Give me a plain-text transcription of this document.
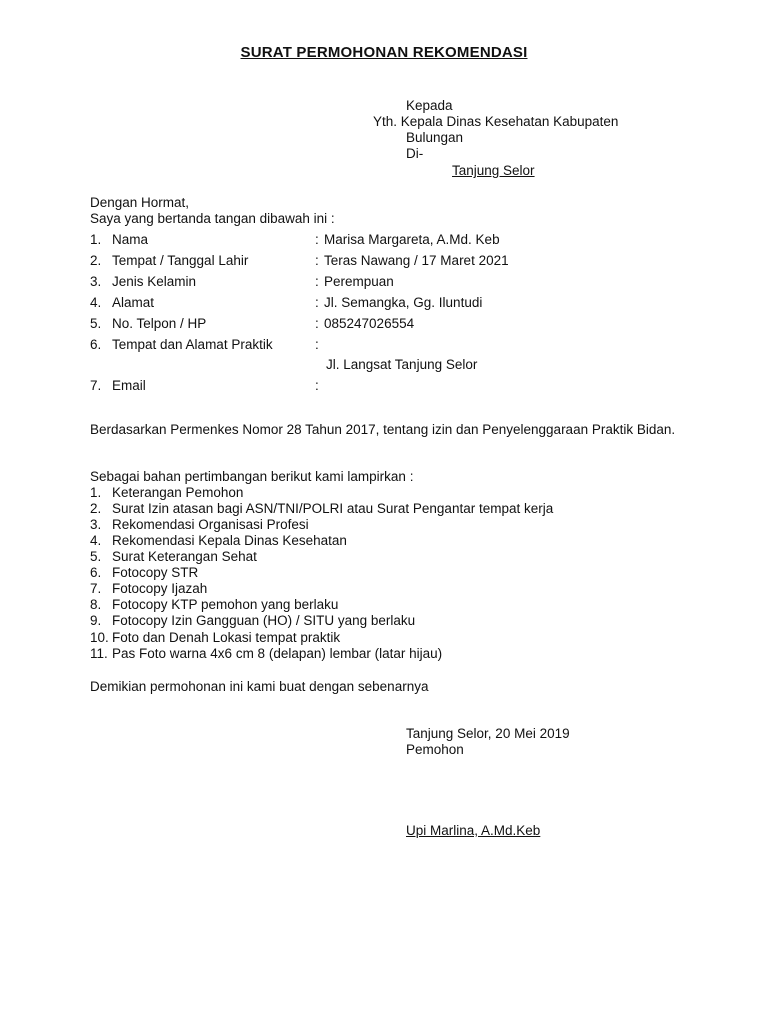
SURAT PERMOHONAN REKOMENDASI
Kepada
Yth. Kepala Dinas Kesehatan Kabupaten
Bulungan
Di-
Tanjung Selor
Dengan Hormat,
Saya yang bertanda tangan dibawah ini :
1. Nama	: Marisa Margareta, A.Md. Keb
2. Tempat / Tanggal Lahir	: Teras Nawang / 17 Maret 2021
3. Jenis Kelamin	: Perempuan
4. Alamat	: Jl. Semangka, Gg. Iluntudi
5. No. Telpon / HP	: 085247026554
6. Tempat dan Alamat Praktik	:
Jl. Langsat Tanjung Selor
7. Email	:
Berdasarkan Permenkes Nomor 28 Tahun 2017, tentang izin dan Penyelenggaraan Praktik Bidan.
Sebagai bahan pertimbangan berikut kami lampirkan :
1. Keterangan Pemohon
2. Surat Izin atasan bagi ASN/TNI/POLRI atau Surat Pengantar tempat kerja
3. Rekomendasi Organisasi Profesi
4. Rekomendasi Kepala Dinas Kesehatan
5. Surat Keterangan Sehat
6. Fotocopy STR
7. Fotocopy Ijazah
8. Fotocopy KTP pemohon yang berlaku
9. Fotocopy Izin Gangguan (HO) / SITU yang berlaku
10. Foto dan Denah Lokasi tempat praktik
11. Pas Foto warna 4x6 cm 8 (delapan) lembar (latar hijau)
Demikian permohonan ini kami buat dengan sebenarnya
Tanjung Selor, 20 Mei 2019
Pemohon
Upi Marlina, A.Md.Keb
